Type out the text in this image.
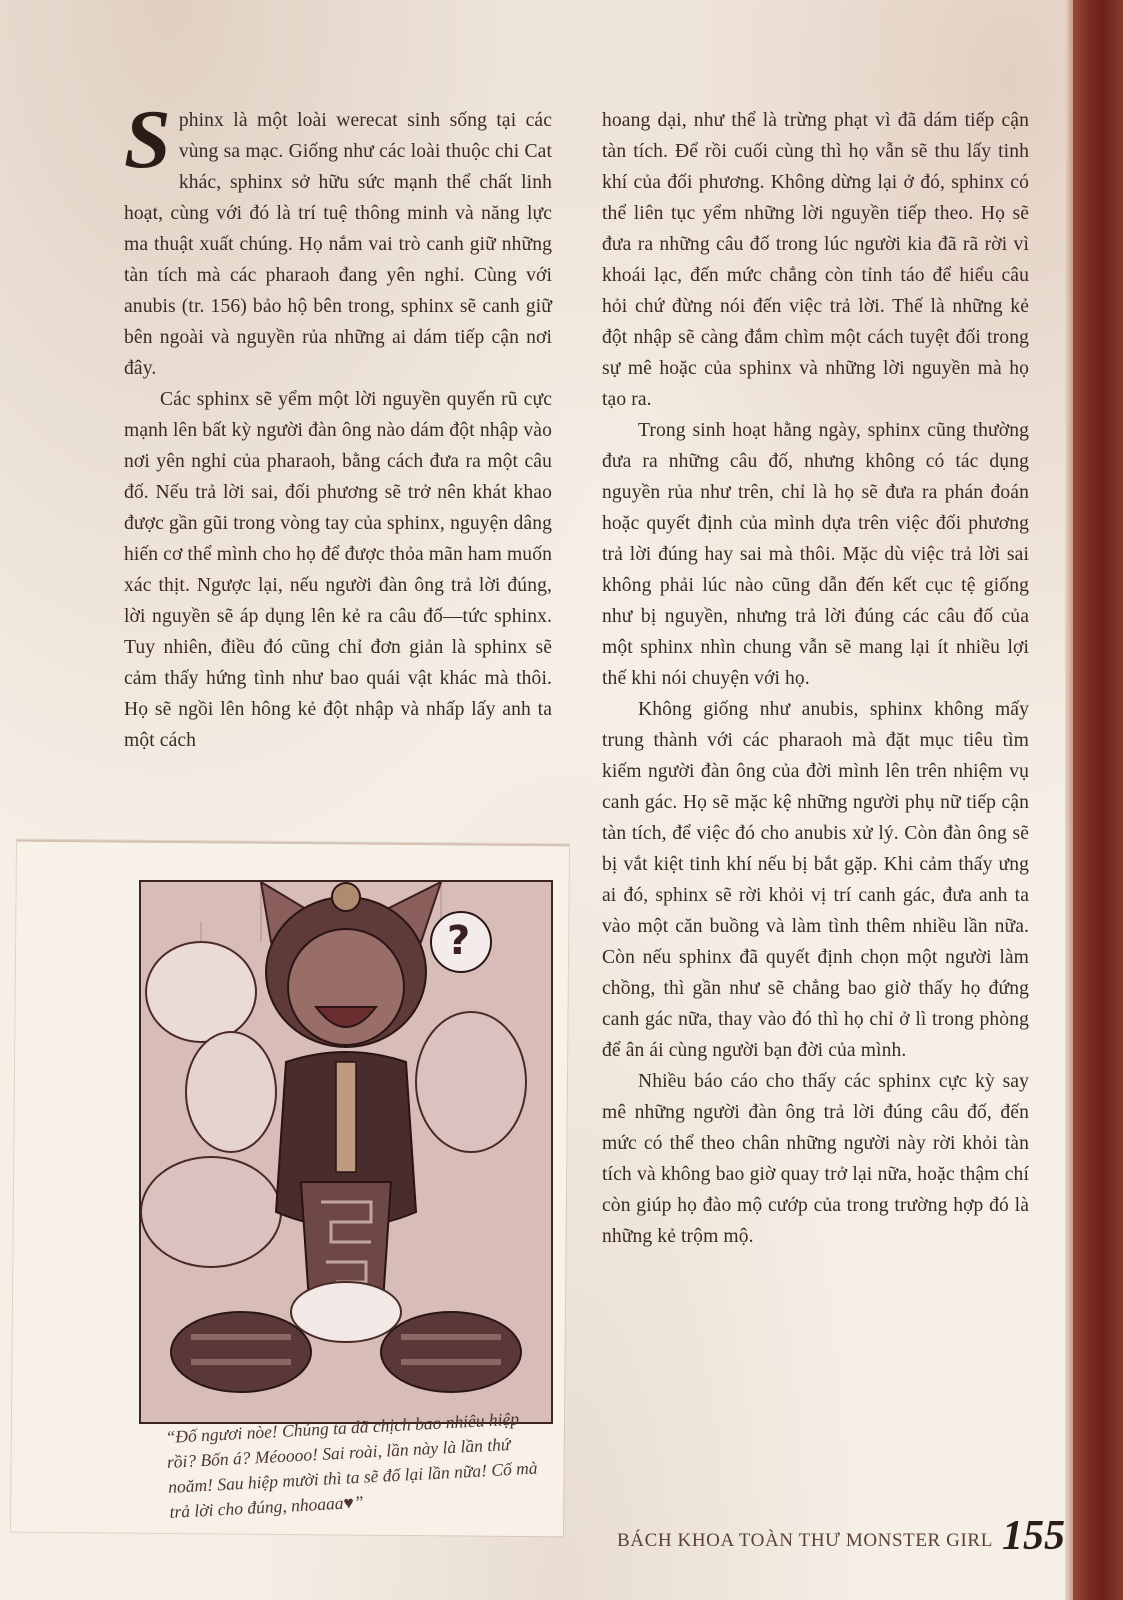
Sphinx là một loài werecat sinh sống tại các vùng sa mạc. Giống như các loài thuộc chi Cat khác, sphinx sở hữu sức mạnh thể chất linh hoạt, cùng với đó là trí tuệ thông minh và năng lực ma thuật xuất chúng. Họ nắm vai trò canh giữ những tàn tích mà các pharaoh đang yên nghỉ. Cùng với anubis (tr. 156) bảo hộ bên trong, sphinx sẽ canh giữ bên ngoài và nguyền rủa những ai dám tiếp cận nơi đây.

Các sphinx sẽ yểm một lời nguyền quyến rũ cực mạnh lên bất kỳ người đàn ông nào dám đột nhập vào nơi yên nghỉ của pharaoh, bằng cách đưa ra một câu đố. Nếu trả lời sai, đối phương sẽ trở nên khát khao được gần gũi trong vòng tay của sphinx, nguyện dâng hiến cơ thể mình cho họ để được thỏa mãn ham muốn xác thịt. Ngược lại, nếu người đàn ông trả lời đúng, lời nguyền sẽ áp dụng lên kẻ ra câu đố—tức sphinx. Tuy nhiên, điều đó cũng chỉ đơn giản là sphinx sẽ cảm thấy hứng tình như bao quái vật khác mà thôi. Họ sẽ ngồi lên hông kẻ đột nhập và nhấp lấy anh ta một cách

hoang dại, như thể là trừng phạt vì đã dám tiếp cận tàn tích. Để rồi cuối cùng thì họ vẫn sẽ thu lấy tinh khí của đối phương. Không dừng lại ở đó, sphinx có thể liên tục yểm những lời nguyền tiếp theo. Họ sẽ đưa ra những câu đố trong lúc người kia đã rã rời vì khoái lạc, đến mức chẳng còn tỉnh táo để hiểu câu hỏi chứ đừng nói đến việc trả lời. Thế là những kẻ đột nhập sẽ càng đắm chìm một cách tuyệt đối trong sự mê hoặc của sphinx và những lời nguyền mà họ tạo ra.

Trong sinh hoạt hằng ngày, sphinx cũng thường đưa ra những câu đố, nhưng không có tác dụng nguyền rủa như trên, chỉ là họ sẽ đưa ra phán đoán hoặc quyết định của mình dựa trên việc đối phương trả lời đúng hay sai mà thôi. Mặc dù việc trả lời sai không phải lúc nào cũng dẫn đến kết cục tệ giống như bị nguyền, nhưng trả lời đúng các câu đố của một sphinx nhìn chung vẫn sẽ mang lại ít nhiều lợi thế khi nói chuyện với họ.

Không giống như anubis, sphinx không mấy trung thành với các pharaoh mà đặt mục tiêu tìm kiếm người đàn ông của đời mình lên trên nhiệm vụ canh gác. Họ sẽ mặc kệ những người phụ nữ tiếp cận tàn tích, để việc đó cho anubis xử lý. Còn đàn ông sẽ bị vắt kiệt tinh khí nếu bị bắt gặp. Khi cảm thấy ưng ai đó, sphinx sẽ rời khỏi vị trí canh gác, đưa anh ta vào một căn buồng và làm tình thêm nhiều lần nữa. Còn nếu sphinx đã quyết định chọn một người làm chồng, thì gần như sẽ chẳng bao giờ thấy họ đứng canh gác nữa, thay vào đó thì họ chỉ ở lì trong phòng để ân ái cùng người bạn đời của mình.

Nhiều báo cáo cho thấy các sphinx cực kỳ say mê những người đàn ông trả lời đúng câu đố, đến mức có thể theo chân những người này rời khỏi tàn tích và không bao giờ quay trở lại nữa, hoặc thậm chí còn giúp họ đào mộ cướp của trong trường hợp đó là những kẻ trộm mộ.

?
“Đố ngươi nòe! Chúng ta đã chịch bao nhiêu hiệp rồi? Bốn á? Méoooo! Sai roài, lần này là lần thứ noăm! Sau hiệp mười thì ta sẽ đố lại lần nữa! Cố mà trả lời cho đúng, nhoaaa♥”
BÁCH KHOA TOÀN THƯ MONSTER GIRL 155
